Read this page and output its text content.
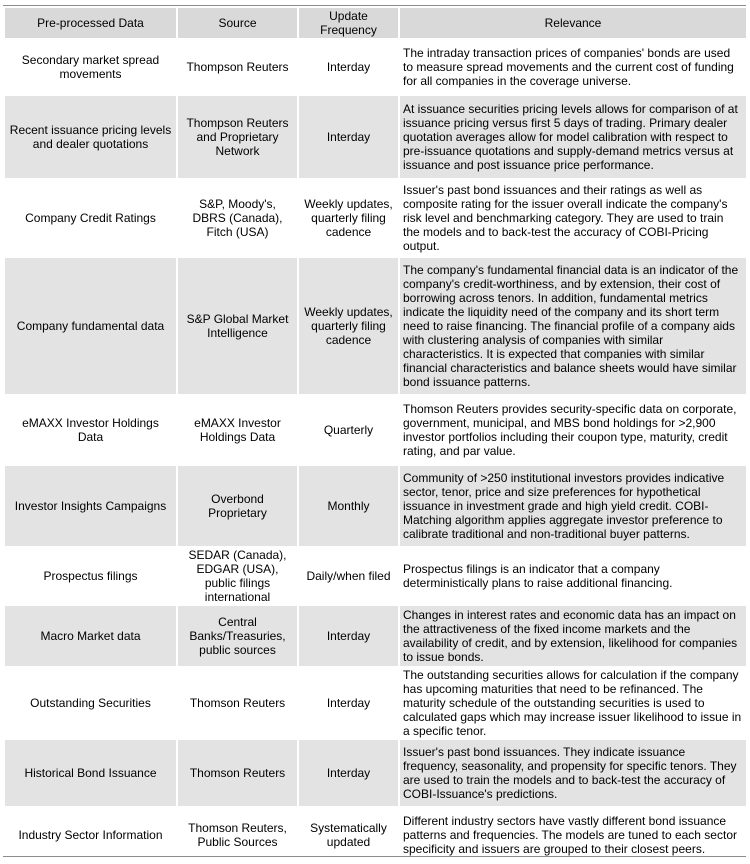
Pre-processed Data	Source	Update Frequency	Relevance
Secondary market spread movements	Thompson Reuters	Interday	The intraday transaction prices of companies' bonds are used to measure spread movements and the current cost of funding for all companies in the coverage universe.
Recent issuance pricing levels and dealer quotations	Thompson Reuters and Proprietary Network	Interday	At issuance securities pricing levels allows for comparison of at issuance pricing versus first 5 days of trading. Primary dealer quotation averages allow for model calibration with respect to pre-issuance quotations and supply-demand metrics versus at issuance and post issuance price performance.
Company Credit Ratings	S&P, Moody's, DBRS (Canada), Fitch (USA)	Weekly updates, quarterly filing cadence	Issuer's past bond issuances and their ratings as well as composite rating for the issuer overall indicate the company's risk level and benchmarking category. They are used to train the models and to back-test the accuracy of COBI-Pricing output.
Company fundamental data	S&P Global Market Intelligence	Weekly updates, quarterly filing cadence	The company's fundamental financial data is an indicator of the company's credit-worthiness, and by extension, their cost of borrowing across tenors. In addition, fundamental metrics indicate the liquidity need of the company and its short term need to raise financing. The financial profile of a company aids with clustering analysis of companies with similar characteristics. It is expected that companies with similar financial characteristics and balance sheets would have similar bond issuance patterns.
eMAXX Investor Holdings Data	eMAXX Investor Holdings Data	Quarterly	Thomson Reuters provides security-specific data on corporate, government, municipal, and MBS bond holdings for >2,900 investor portfolios including their coupon type, maturity, credit rating, and par value.
Investor Insights Campaigns	Overbond Proprietary	Monthly	Community of >250 institutional investors provides indicative sector, tenor, price and size preferences for hypothetical issuance in investment grade and high yield credit. COBI-Matching algorithm applies aggregate investor preference to calibrate traditional and non-traditional buyer patterns.
Prospectus filings	SEDAR (Canada), EDGAR (USA), public filings international	Daily/when filed	Prospectus filings is an indicator that a company deterministically plans to raise additional financing.
Macro Market data	Central Banks/Treasuries, public sources	Interday	Changes in interest rates and economic data has an impact on the attractiveness of the fixed income markets and the availability of credit, and by extension, likelihood for companies to issue bonds.
Outstanding Securities	Thomson Reuters	Interday	The outstanding securities allows for calculation if the company has upcoming maturities that need to be refinanced. The maturity schedule of the outstanding securities is used to calculated gaps which may increase issuer likelihood to issue in a specific tenor.
Historical Bond Issuance	Thomson Reuters	Interday	Issuer's past bond issuances. They indicate issuance frequency, seasonality, and propensity for specific tenors. They are used to train the models and to back-test the accuracy of COBI-Issuance's predictions.
Industry Sector Information	Thomson Reuters, Public Sources	Systematically updated	Different industry sectors have vastly different bond issuance patterns and frequencies. The models are tuned to each sector specificity and issuers are grouped to their closest peers.
